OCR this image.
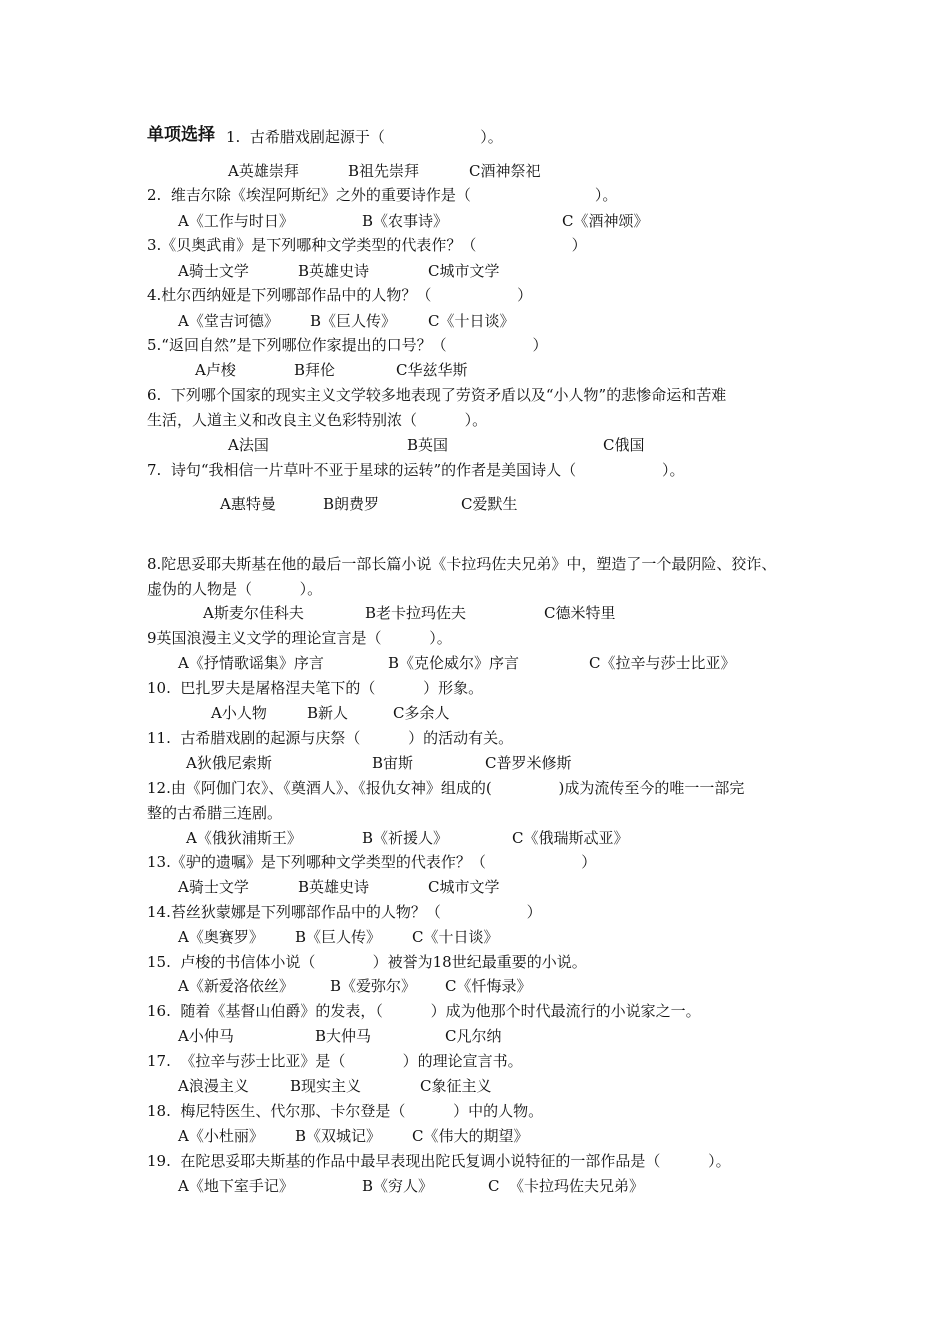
单项选择 1.  古希腊戏剧起源于（                    ）。
A英雄崇拜	B祖先崇拜	C酒神祭祀
2.  维吉尔除《埃涅阿斯纪》之外的重要诗作是（                          ）。
A《工作与时日》	B《农事诗》	C《酒神颂》
3.《贝奥武甫》是下列哪种文学类型的代表作？（                    ）
A骑士文学	B英雄史诗	C城市文学
4.杜尔西纳娅是下列哪部作品中的人物？（                  ）
A《堂吉诃德》 B《巨人传》 C《十日谈》
5.“返回自然”是下列哪位作家提出的口号？（                  ）
A卢梭	B拜伦	C华兹华斯
6.  下列哪个国家的现实主义文学较多地表现了劳资矛盾以及“小人物”的悲惨命运和苦难
生活，人道主义和改良主义色彩特别浓（          ）。
A法国	B英国	C俄国
7.  诗句“我相信一片草叶不亚于星球的运转”的作者是美国诗人（                  ）。
A惠特曼	B朗费罗	C爱默生
8.陀思妥耶夫斯基在他的最后一部长篇小说《卡拉玛佐夫兄弟》中，塑造了一个最阴险、狡诈、
虚伪的人物是（          ）。
A斯麦尔佳科夫	B老卡拉玛佐夫	C德米特里
9英国浪漫主义文学的理论宣言是（          ）。
A《抒情歌谣集》序言	B《克伦威尔》序言	C《拉辛与莎士比亚》
10.  巴扎罗夫是屠格涅夫笔下的（          ）形象。
A小人物	B新人	C多余人
11.  古希腊戏剧的起源与庆祭（          ）的活动有关。
A狄俄尼索斯	B宙斯	C普罗米修斯
12.由《阿伽门农》、《奠酒人》、《报仇女神》组成的(              )成为流传至今的唯一一部完
整的古希腊三连剧。
A《俄狄浦斯王》	B《祈援人》	C《俄瑞斯忒亚》
13.《驴的遗嘱》是下列哪种文学类型的代表作？（                    ）
A骑士文学	B英雄史诗	C城市文学
14.苔丝狄蒙娜是下列哪部作品中的人物？（                  ）
A《奥赛罗》 B《巨人传》 C《十日谈》
15.  卢梭的书信体小说（            ）被誉为18世纪最重要的小说。
A《新爱洛依丝》 B《爱弥尔》 C《忏悔录》
16.  随着《基督山伯爵》的发表，（          ）成为他那个时代最流行的小说家之一。
A小仲马	B大仲马	C凡尔纳
17.  《拉辛与莎士比亚》是（            ）的理论宣言书。
A浪漫主义	B现实主义	C象征主义
18.  梅尼特医生、代尔那、卡尔登是（          ）中的人物。
A《小杜丽》 B《双城记》 C《伟大的期望》
19.  在陀思妥耶夫斯基的作品中最早表现出陀氏复调小说特征的一部作品是（          ）。
A《地下室手记》	B《穷人》	C  《卡拉玛佐夫兄弟》
